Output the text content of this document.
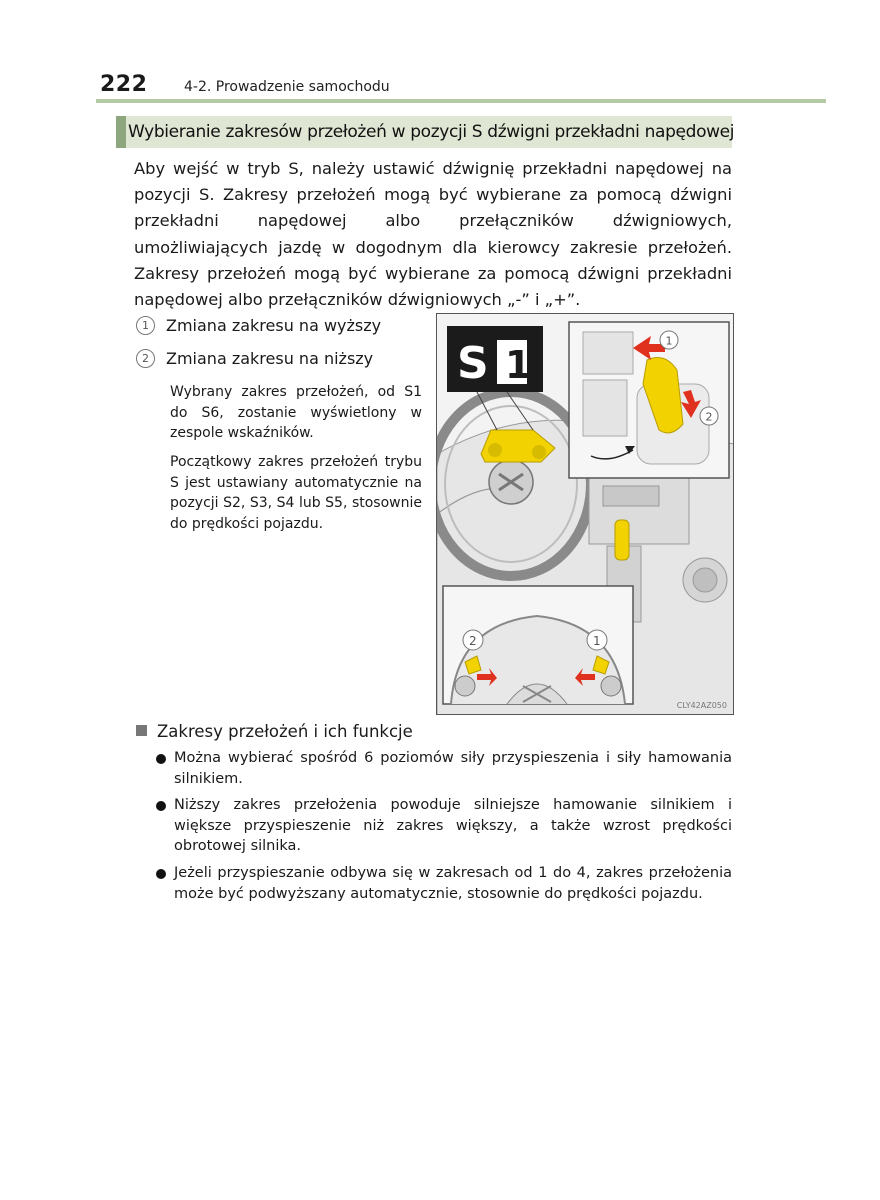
222	4-2. Prowadzenie samochodu
Wybieranie zakresów przełożeń w pozycji S dźwigni przekładni napędowej

Aby wejść w tryb S, należy ustawić dźwignię przekładni napędowej na pozycji S. Zakresy przełożeń mogą być wybierane za pomocą dźwigni przekładni napędowej albo przełączników dźwigniowych, umożliwiających jazdę w dogodnym dla kierowcy zakresie przełożeń. Zakresy przełożeń mogą być wybierane za pomocą dźwigni przekładni napędowej albo przełączników dźwigniowych „-” i „+”.

1 Zmiana zakresu na wyższy
2 Zmiana zakresu na niższy
Wybrany zakres przełożeń, od S1 do S6, zostanie wyświetlony w zespole wskaźników.
Początkowy zakres przełożeń trybu S jest ustawiany automatycznie na pozycji S2, S3, S4 lub S5, stosownie do prędkości pojazdu.
S 1
1
2
2	1
CLY42AZ050
Zakresy przełożeń i ich funkcje
Można wybierać spośród 6 poziomów siły przyspieszenia i siły hamowania silnikiem.
Niższy zakres przełożenia powoduje silniejsze hamowanie silnikiem i większe przyspieszenie niż zakres większy, a także wzrost prędkości obrotowej silnika.
Jeżeli przyspieszanie odbywa się w zakresach od 1 do 4, zakres przełożenia może być podwyższany automatycznie, stosownie do prędkości pojazdu.
